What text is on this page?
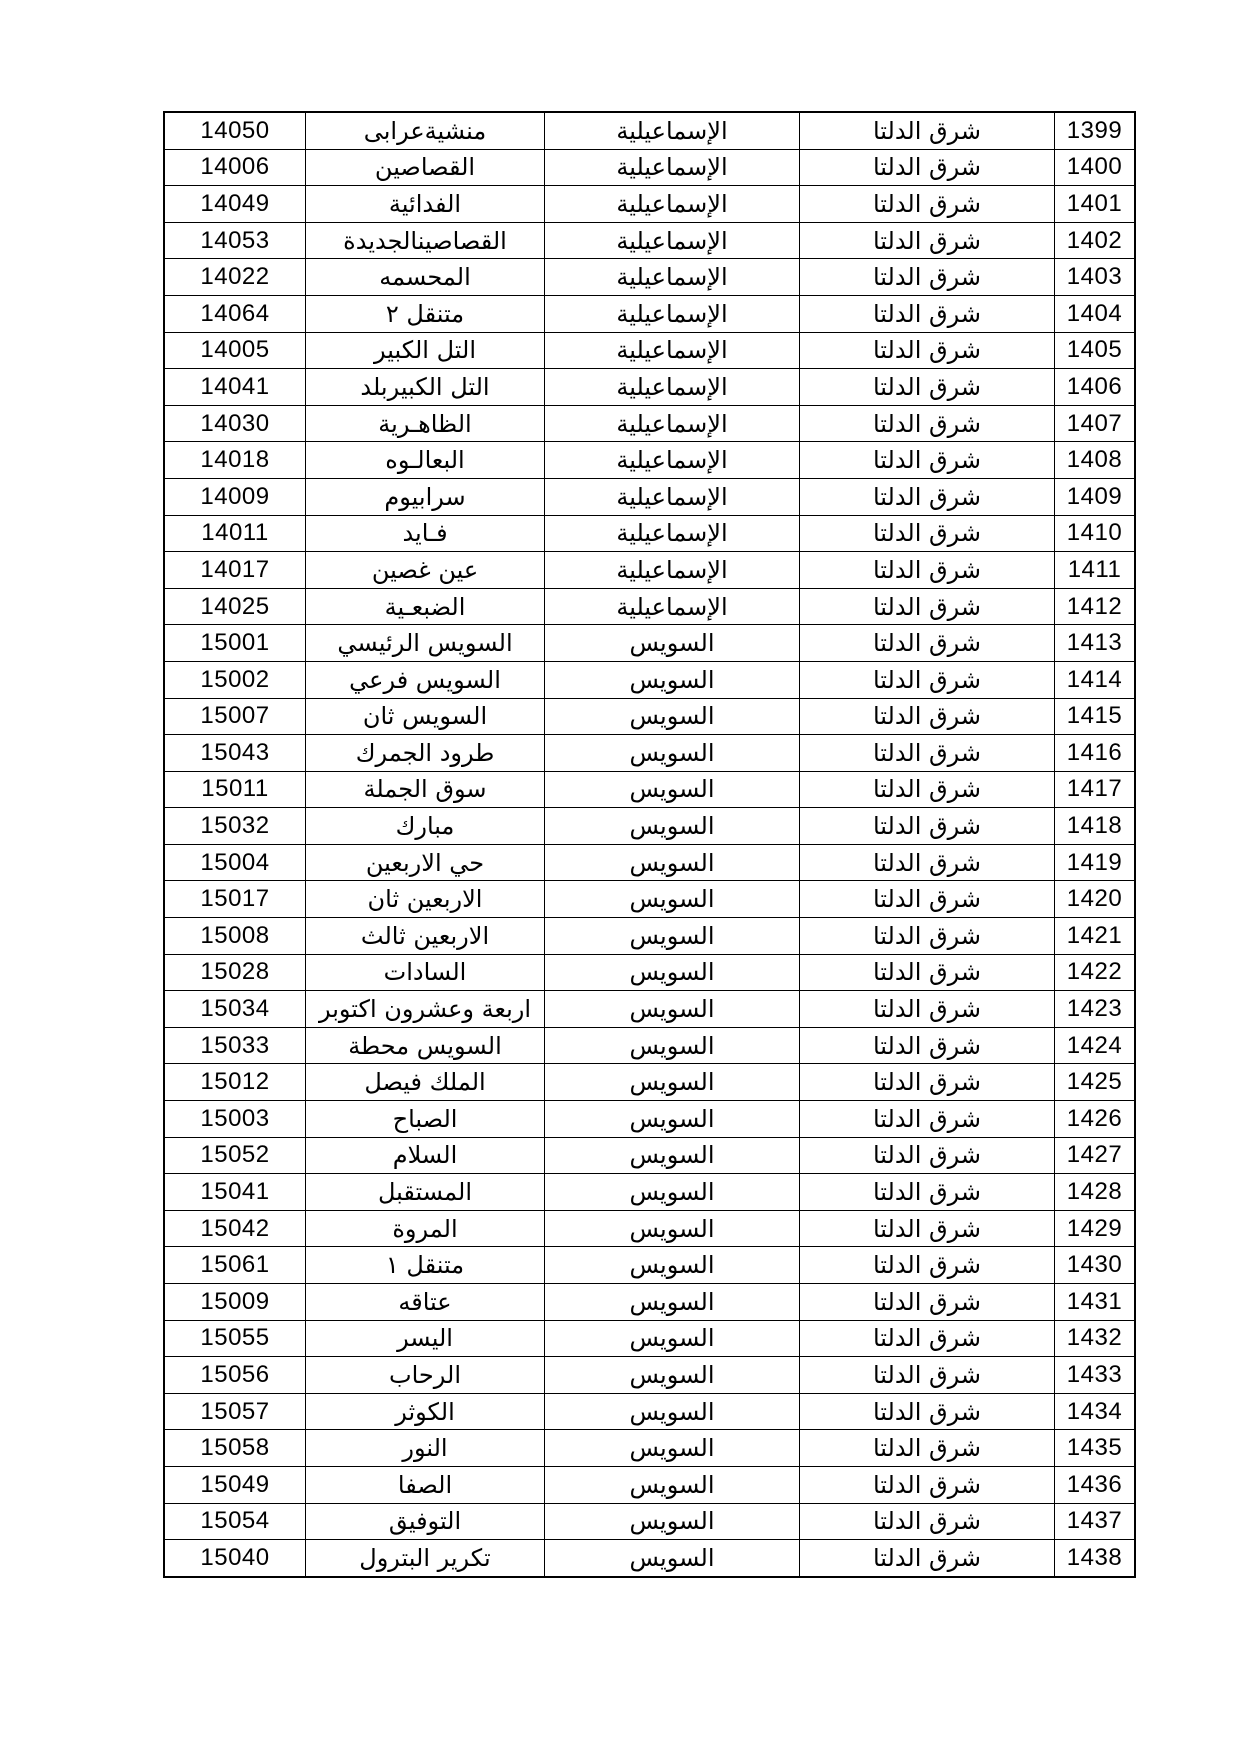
14050	منشيةعرابى	الإسماعيلية	شرق الدلتا	1399
14006	القصاصين	الإسماعيلية	شرق الدلتا	1400
14049	الفدائية	الإسماعيلية	شرق الدلتا	1401
14053	القصاصينالجديدة	الإسماعيلية	شرق الدلتا	1402
14022	المحسمه	الإسماعيلية	شرق الدلتا	1403
14064	متنقل ٢	الإسماعيلية	شرق الدلتا	1404
14005	التل الكبير	الإسماعيلية	شرق الدلتا	1405
14041	التل الكبيربلد	الإسماعيلية	شرق الدلتا	1406
14030	الظاهـرية	الإسماعيلية	شرق الدلتا	1407
14018	البعالـوه	الإسماعيلية	شرق الدلتا	1408
14009	سرابيوم	الإسماعيلية	شرق الدلتا	1409
14011	فـايد	الإسماعيلية	شرق الدلتا	1410
14017	عين غصين	الإسماعيلية	شرق الدلتا	1411
14025	الضبعـية	الإسماعيلية	شرق الدلتا	1412
15001	السويس الرئيسي	السويس	شرق الدلتا	1413
15002	السويس فرعي	السويس	شرق الدلتا	1414
15007	السويس ثان	السويس	شرق الدلتا	1415
15043	طرود الجمرك	السويس	شرق الدلتا	1416
15011	سوق الجملة	السويس	شرق الدلتا	1417
15032	مبارك	السويس	شرق الدلتا	1418
15004	حي الاربعين	السويس	شرق الدلتا	1419
15017	الاربعين ثان	السويس	شرق الدلتا	1420
15008	الاربعين ثالث	السويس	شرق الدلتا	1421
15028	السادات	السويس	شرق الدلتا	1422
15034	اربعة وعشرون اكتوبر	السويس	شرق الدلتا	1423
15033	السويس محطة	السويس	شرق الدلتا	1424
15012	الملك فيصل	السويس	شرق الدلتا	1425
15003	الصباح	السويس	شرق الدلتا	1426
15052	السلام	السويس	شرق الدلتا	1427
15041	المستقبل	السويس	شرق الدلتا	1428
15042	المروة	السويس	شرق الدلتا	1429
15061	متنقل ١	السويس	شرق الدلتا	1430
15009	عتاقه	السويس	شرق الدلتا	1431
15055	اليسر	السويس	شرق الدلتا	1432
15056	الرحاب	السويس	شرق الدلتا	1433
15057	الكوثر	السويس	شرق الدلتا	1434
15058	النور	السويس	شرق الدلتا	1435
15049	الصفا	السويس	شرق الدلتا	1436
15054	التوفيق	السويس	شرق الدلتا	1437
15040	تكرير البترول	السويس	شرق الدلتا	1438
